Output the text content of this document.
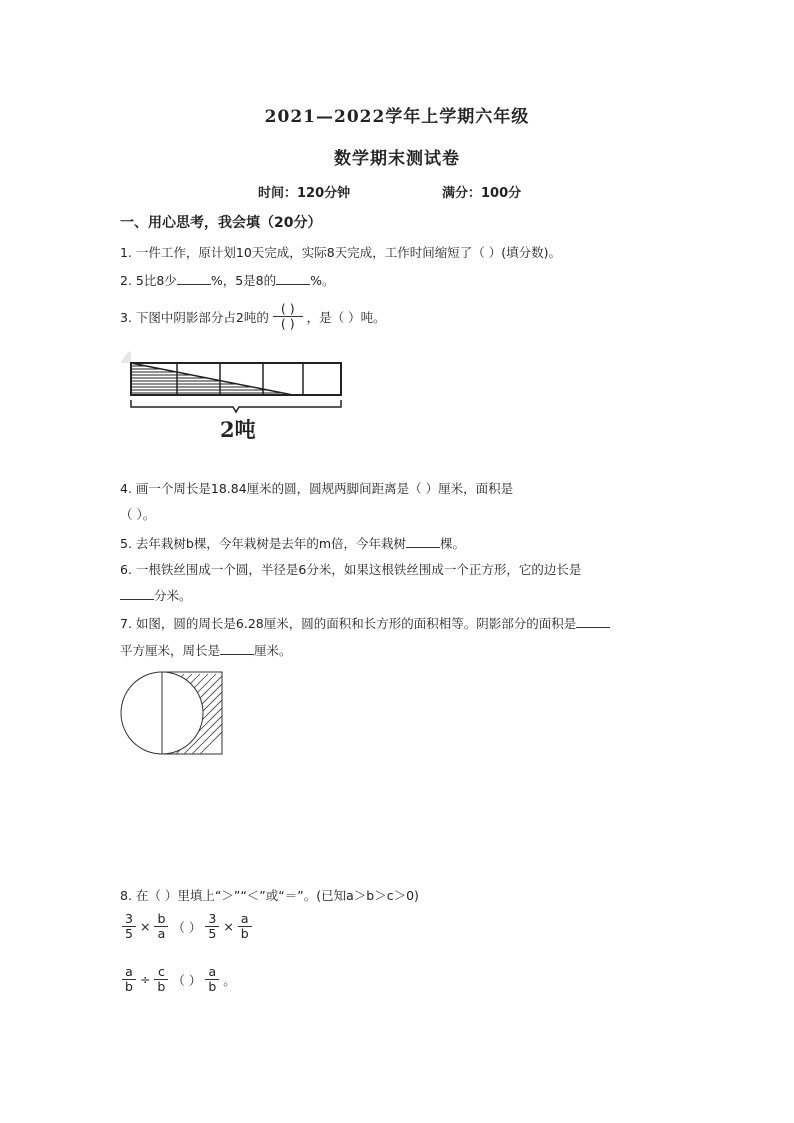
2021—2022学年上学期六年级
数学期末测试卷
时间：120分钟	满分：100分
一、用心思考，我会填（20分）
1. 一件工作，原计划10天完成，实际8天完成，工作时间缩短了（ ）(填分数)。
2. 5比8少	%，5是8的	%。
3. 下图中阴影部分占2吨的 $\frac{( )}{( )}$ ，是（ ）吨。
2吨
4. 画一个周长是18.84厘米的圆，圆规两脚间距离是（ ）厘米，面积是
（ ）。
5. 去年栽树b棵，今年栽树是去年的m倍，今年栽树	棵。
6. 一根铁丝围成一个圆，半径是6分米，如果这根铁丝围成一个正方形，它的边长是
分米。
7. 如图，圆的周长是6.28厘米，圆的面积和长方形的面积相等。阴影部分的面积是
平方厘米，周长是	厘米。
8. 在（ ）里填上“＞”“＜”或“＝”。(已知a＞b＞c＞0)
$\frac{3}{5} \times \frac{b}{a}$ （ ） $\frac{3}{5} \times \frac{a}{b}$
$\frac{a}{b} \div \frac{c}{b}$ （ ） $\frac{a}{b}$ 。
